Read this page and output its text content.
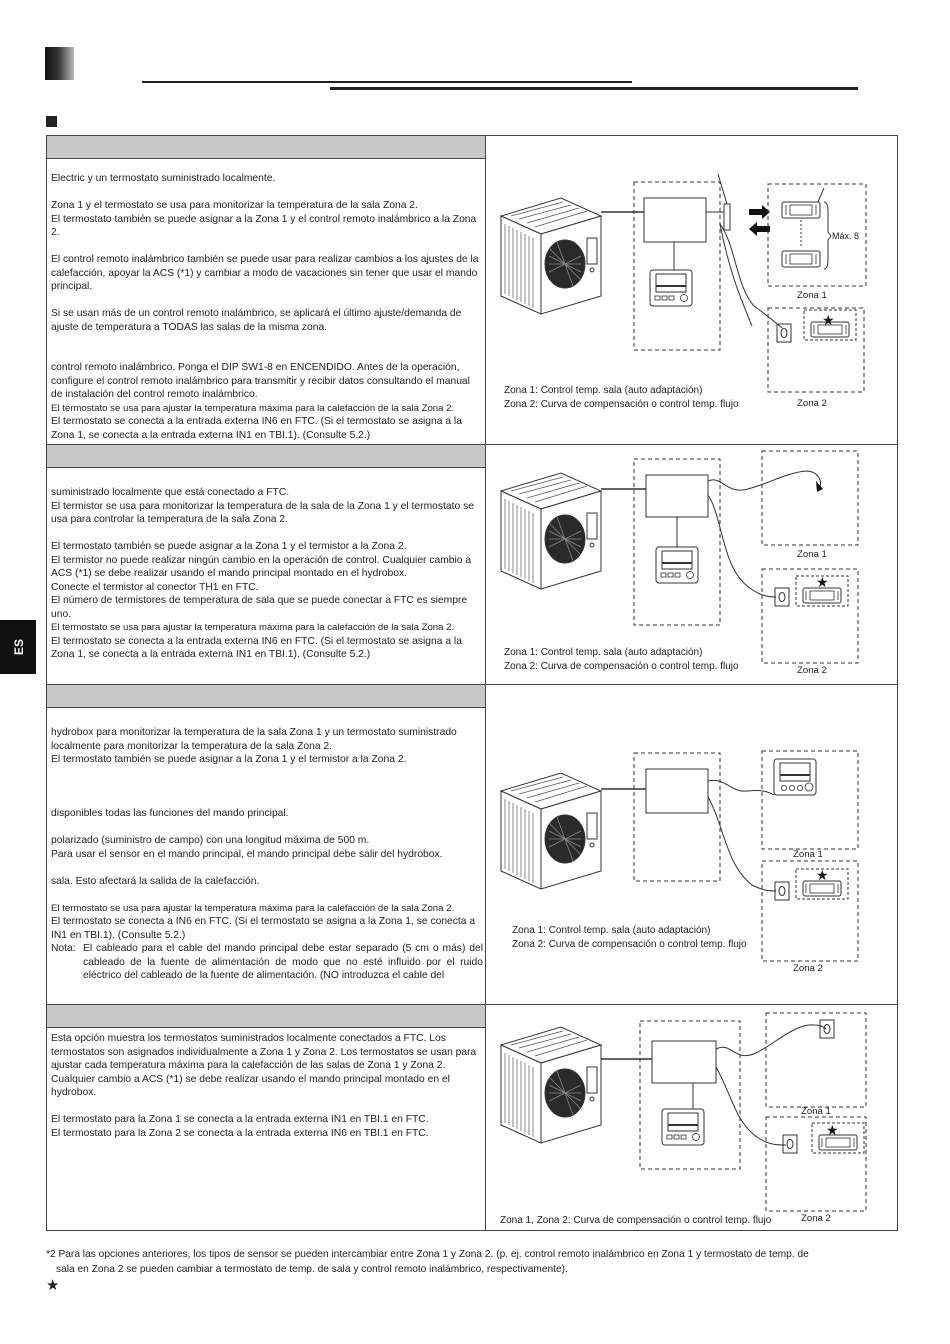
ES

Electric y un termostato suministrado localmente.

Zona 1 y el termostato se usa para monitorizar la temperatura de la sala Zona 2.

El termostato también se puede asignar a la Zona 1 y el control remoto inalámbrico a la Zona 2.

El control remoto inalámbrico también se puede usar para realizar cambios a los ajustes de la calefacción, apoyar la ACS (*1) y cambiar a modo de vacaciones sin tener que usar el mando principal.

Si se usan más de un control remoto inalámbrico, se aplicará el último ajuste/demanda de ajuste de temperatura a TODAS las salas de la misma zona.

control remoto inalámbrico. Ponga el DIP SW1-8 en ENCENDIDO. Antes de la operación, configure el control remoto inalámbrico para transmitir y recibir datos consultando el manual de instalación del control remoto inalámbrico.

El termostato se usa para ajustar la temperatura máxima para la calefacción de la sala Zona 2.

El termostato se conecta a la entrada externa IN6 en FTC. (Si el termostato se asigna a la Zona 1, se conecta a la entrada externa IN1 en TBI.1). (Consulte 5.2.)

suministrado localmente que está conectado a FTC.

El termistor se usa para monitorizar la temperatura de la sala de la Zona 1 y el termostato se usa para controlar la temperatura de la sala Zona 2.

El termostato también se puede asignar a la Zona 1 y el termistor a la Zona 2.

El termistor no puede realizar ningún cambio en la operación de control. Cualquier cambio a ACS (*1) se debe realizar usando el mando principal montado en el hydrobox.

Conecte el termistor al conector TH1 en FTC.

El número de termistores de temperatura de sala que se puede conectar a FTC es siempre uno.

El termostato se usa para ajustar la temperatura máxima para la calefacción de la sala Zona 2.

El termostato se conecta a la entrada externa IN6 en FTC. (Si el termostato se asigna a la Zona 1, se conecta a la entrada externa IN1 en TBI.1). (Consulte 5.2.)

hydrobox para monitorizar la temperatura de la sala Zona 1 y un termostato suministrado localmente para monitorizar la temperatura de la sala Zona 2.

El termostato también se puede asignar a la Zona 1 y el termistor a la Zona 2.

disponibles todas las funciones del mando principal.

polarizado (suministro de campo) con una longitud máxima de 500 m.

Para usar el sensor en el mando principal, el mando principal debe salir del hydrobox.

sala. Esto afectará la salida de la calefacción.

El termostato se usa para ajustar la temperatura máxima para la calefacción de la sala Zona 2.

El termostato se conecta a IN6 en FTC. (Si el termostato se asigna a la Zona 1, se conecta a IN1 en TBI.1). (Consulte 5.2.)

Nota: El cableado para el cable del mando principal debe estar separado (5 cm o más) del cableado de la fuente de alimentación de modo que no esté influido por el ruido eléctrico del cableado de la fuente de alimentación. (NO introduzca el cable del

Esta opción muestra los termostatos suministrados localmente conectados a FTC. Los termostatos son asignados individualmente a Zona 1 y Zona 2. Los termostatos se usan para ajustar cada temperatura máxima para la calefacción de las salas de Zona 1 y Zona 2. Cualquier cambio a ACS (*1) se debe realizar usando el mando principal montado en el hydrobox.

El termostato para la Zona 1 se conecta a la entrada externa IN1 en TBI.1 en FTC.

El termostato para la Zona 2 se conecta a la entrada externa IN6 en TBI.1 en FTC.

Máx. 8
★
Zona 1
Zona 2
Zona 1: Control temp. sala (auto adaptación)
Zona 2: Curva de compensación o control temp. flujo
★
Zona 1
Zona 2
Zona 1: Control temp. sala (auto adaptación)
Zona 2: Curva de compensación o control temp. flujo
★
Zona 1
Zona 2
Zona 1: Control temp. sala (auto adaptación)
Zona 2: Curva de compensación o control temp. flujo
★
Zona 1
Zona 2
Zona 1, Zona 2: Curva de compensación o control temp. flujo

*2 Para las opciones anteriores, los tipos de sensor se pueden intercambiar entre Zona 1 y Zona 2. (p. ej. control remoto inalámbrico en Zona 1 y termostato de temp. de

sala en Zona 2 se pueden cambiar a termostato de temp. de sala y control remoto inalámbrico, respectivamente).

★
